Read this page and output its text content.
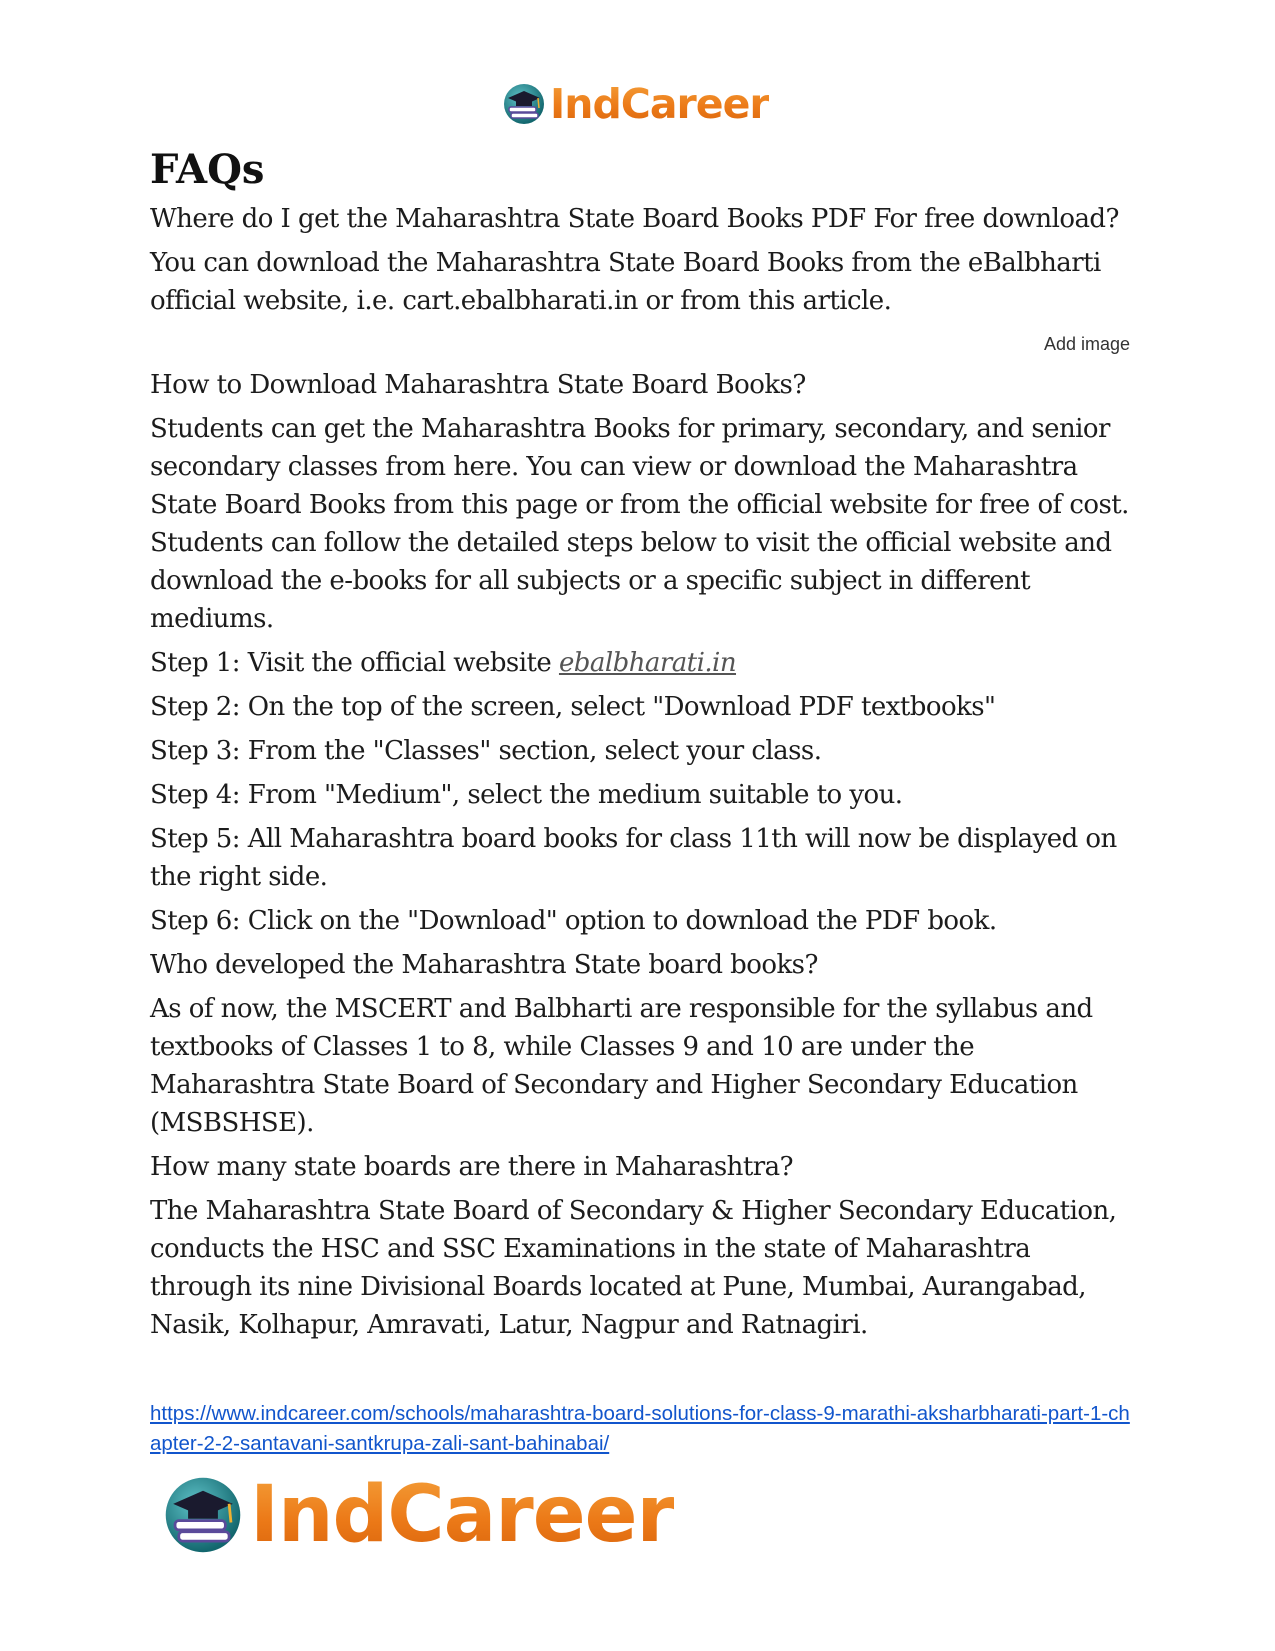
IndCareer
FAQs

Where do I get the Maharashtra State Board Books PDF For free download?

You can download the Maharashtra State Board Books from the eBalbharti official website, i.e. cart.ebalbharati.in or from this article.

Add image

How to Download Maharashtra State Board Books?

Students can get the Maharashtra Books for primary, secondary, and senior secondary classes from here. You can view or download the Maharashtra State Board Books from this page or from the official website for free of cost. Students can follow the detailed steps below to visit the official website and download the e-books for all subjects or a specific subject in different mediums.

Step 1: Visit the official website ebalbharati.in

Step 2: On the top of the screen, select "Download PDF textbooks"

Step 3: From the "Classes" section, select your class.

Step 4: From "Medium", select the medium suitable to you.

Step 5: All Maharashtra board books for class 11th will now be displayed on the right side.

Step 6: Click on the "Download" option to download the PDF book.

Who developed the Maharashtra State board books?

As of now, the MSCERT and Balbharti are responsible for the syllabus and textbooks of Classes 1 to 8, while Classes 9 and 10 are under the Maharashtra State Board of Secondary and Higher Secondary Education (MSBSHSE).

How many state boards are there in Maharashtra?

The Maharashtra State Board of Secondary & Higher Secondary Education, conducts the HSC and SSC Examinations in the state of Maharashtra through its nine Divisional Boards located at Pune, Mumbai, Aurangabad, Nasik, Kolhapur, Amravati, Latur, Nagpur and Ratnagiri.

https://www.indcareer.com/schools/maharashtra-board-solutions-for-class-9-marathi-aksharbharati-part-1-chapter-2-2-santavani-santkrupa-zali-sant-bahinabai/
IndCareer
